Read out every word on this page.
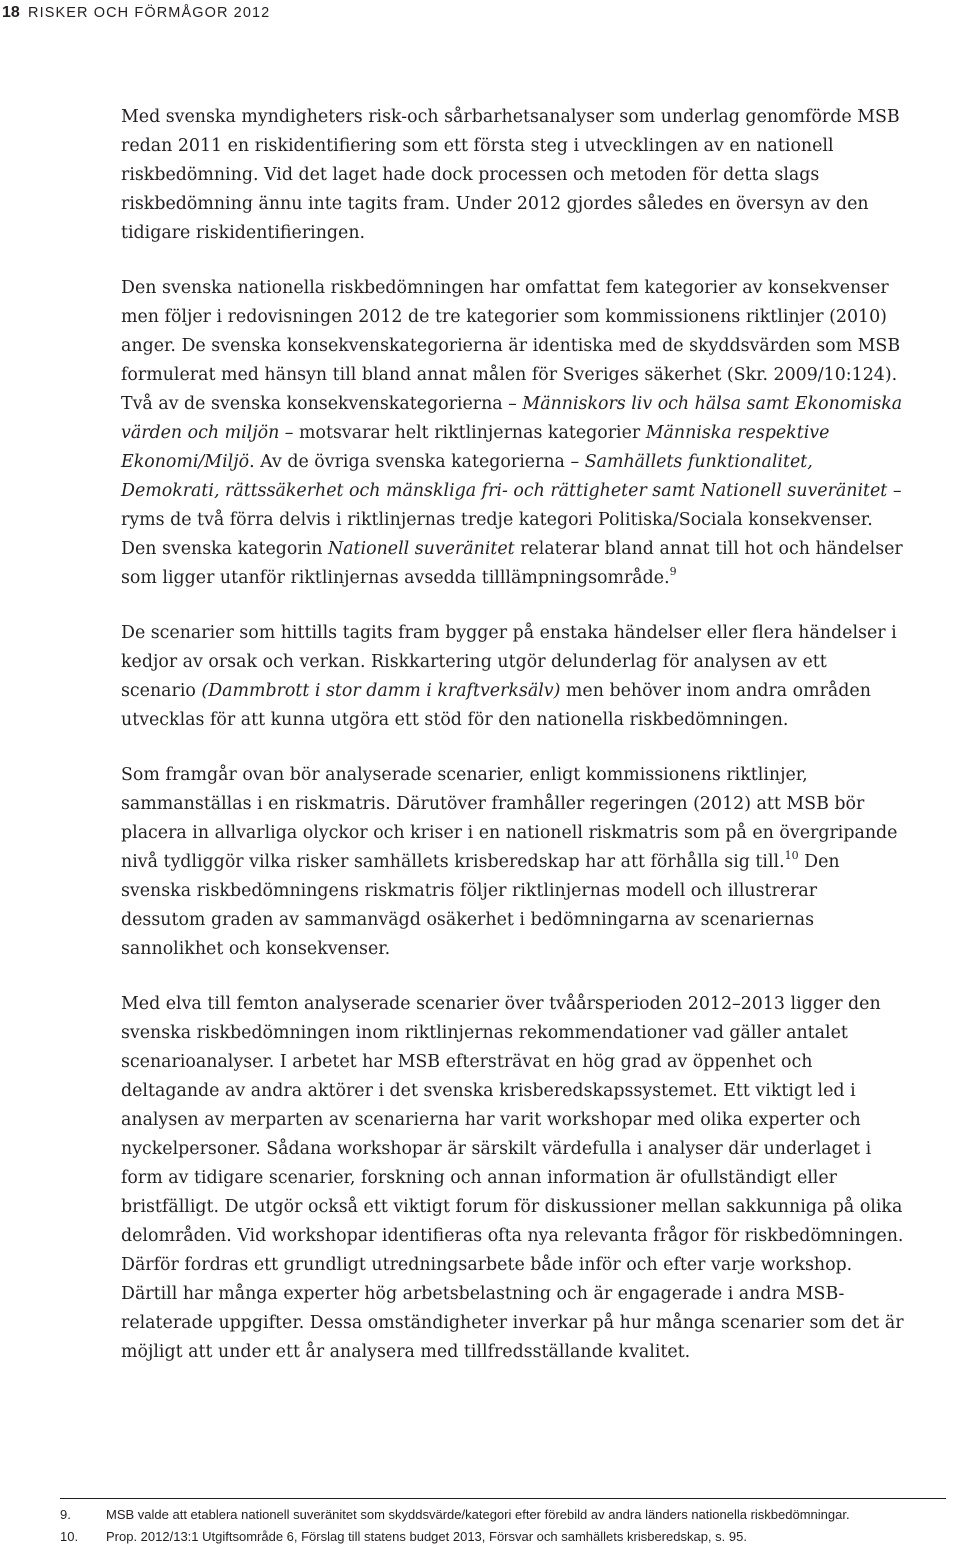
18 RISKER OCH FÖRMÅGOR 2012

Med svenska myndigheters risk-och sårbarhetsanalyser som underlag genomförde MSB redan 2011 en riskidentifiering som ett första steg i utvecklingen av en nationell riskbedömning. Vid det laget hade dock processen och metoden för detta slags riskbedömning ännu inte tagits fram. Under 2012 gjordes således en översyn av den tidigare riskidentifieringen.

Den svenska nationella riskbedömningen har omfattat fem kategorier av konsekvenser men följer i redovisningen 2012 de tre kategorier som kommissionens riktlinjer (2010) anger. De svenska konsekvenskategorierna är identiska med de skyddsvärden som MSB formulerat med hänsyn till bland annat målen för Sveriges säkerhet (Skr. 2009/10:124). Två av de svenska konsekvenskategorierna – Människors liv och hälsa samt Ekonomiska värden och miljön – motsvarar helt riktlinjernas kategorier Människa respektive Ekonomi/Miljö. Av de övriga svenska kategorierna – Samhällets funktionalitet, Demokrati, rättssäkerhet och mänskliga fri- och rättigheter samt Nationell suveränitet – ryms de två förra delvis i riktlinjernas tredje kategori Politiska/Sociala konsekvenser. Den svenska kategorin Nationell suveränitet relaterar bland annat till hot och händelser som ligger utanför riktlinjernas avsedda tilllämpningsområde.$^9$

De scenarier som hittills tagits fram bygger på enstaka händelser eller flera händelser i kedjor av orsak och verkan. Riskkartering utgör delunderlag för analysen av ett scenario (Dammbrott i stor damm i kraftverksälv) men behöver inom andra områden utvecklas för att kunna utgöra ett stöd för den nationella riskbedömningen.

Som framgår ovan bör analyserade scenarier, enligt kommissionens riktlinjer, sammanställas i en riskmatris. Därutöver framhåller regeringen (2012) att MSB bör placera in allvarliga olyckor och kriser i en nationell riskmatris som på en övergripande nivå tydliggör vilka risker samhällets krisberedskap har att förhålla sig till.$^{10}$ Den svenska riskbedömningens riskmatris följer riktlinjernas modell och illustrerar dessutom graden av sammanvägd osäkerhet i bedömningarna av scenariernas sannolikhet och konsekvenser.

Med elva till femton analyserade scenarier över tvåårsperioden 2012–2013 ligger den svenska riskbedömningen inom riktlinjernas rekommendationer vad gäller antalet scenarioanalyser. I arbetet har MSB eftersträvat en hög grad av öppenhet och deltagande av andra aktörer i det svenska krisberedskapssystemet. Ett viktigt led i analysen av merparten av scenarierna har varit workshopar med olika experter och nyckelpersoner. Sådana workshopar är särskilt värdefulla i analyser där underlaget i form av tidigare scenarier, forskning och annan information är ofullständigt eller bristfälligt. De utgör också ett viktigt forum för diskussioner mellan sakkunniga på olika delområden. Vid workshopar identifieras ofta nya relevanta frågor för riskbedömningen. Därför fordras ett grundligt utredningsarbete både inför och efter varje workshop. Därtill har många experter hög arbetsbelastning och är engagerade i andra MSB-relaterade uppgifter. Dessa omständigheter inverkar på hur många scenarier som det är möjligt att under ett år analysera med tillfredsställande kvalitet.

9.	MSB valde att etablera nationell suveränitet som skyddsvärde/kategori efter förebild av andra länders nationella riskbedömningar.
10.	Prop. 2012/13:1 Utgiftsområde 6, Förslag till statens budget 2013, Försvar och samhällets krisberedskap, s. 95.
